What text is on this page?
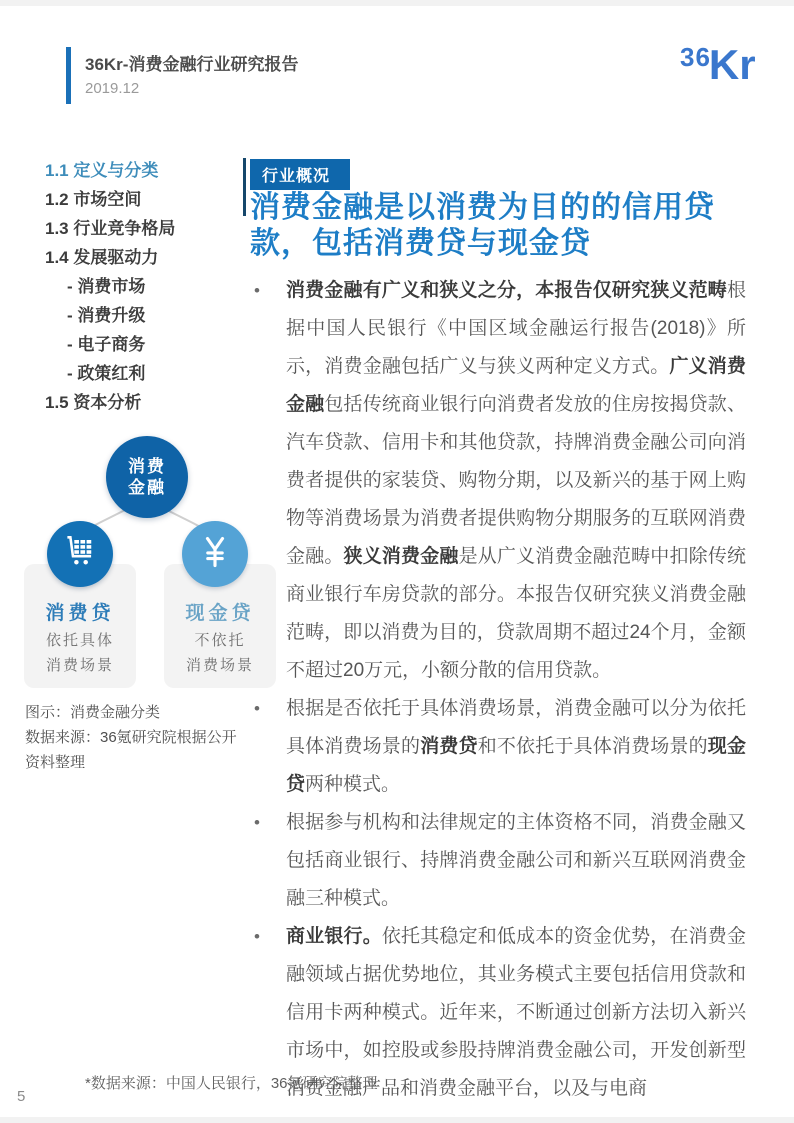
36Kr-消费金融行业研究报告
2019.12
36Kr
1.1 定义与分类
1.2 市场空间
1.3 行业竞争格局
1.4 发展驱动力
- 消费市场
- 消费升级
- 电子商务
- 政策红利
1.5 资本分析
行业概况
消费金融是以消费为目的的信用贷款，包括消费贷与现金贷
• 消费金融有广义和狭义之分，本报告仅研究狭义范畴根据中国人民银行《中国区域金融运行报告(2018)》所示，消费金融包括广义与狭义两种定义方式。广义消费金融包括传统商业银行向消费者发放的住房按揭贷款、汽车贷款、信用卡和其他贷款，持牌消费金融公司向消费者提供的家装贷、购物分期，以及新兴的基于网上购物等消费场景为消费者提供购物分期服务的互联网消费金融。狭义消费金融是从广义消费金融范畴中扣除传统商业银行车房贷款的部分。本报告仅研究狭义消费金融范畴，即以消费为目的，贷款周期不超过24个月，金额不超过20万元，小额分散的信用贷款。
• 根据是否依托于具体消费场景，消费金融可以分为依托具体消费场景的消费贷和不依托于具体消费场景的现金贷两种模式。
• 根据参与机构和法律规定的主体资格不同，消费金融又包括商业银行、持牌消费金融公司和新兴互联网消费金融三种模式。
• 商业银行。依托其稳定和低成本的资金优势，在消费金融领域占据优势地位，其业务模式主要包括信用贷款和信用卡两种模式。近年来，不断通过创新方法切入新兴市场中，如控股或参股持牌消费金融公司，开发创新型消费金融产品和消费金融平台，以及与电商
消费
金融
消费贷	现金贷
依托具体
消费场景
不依托
消费场景
图示：消费金融分类
数据来源：36氪研究院根据公开资料整理
*数据来源：中国人民银行，36氪研究院整理
5
